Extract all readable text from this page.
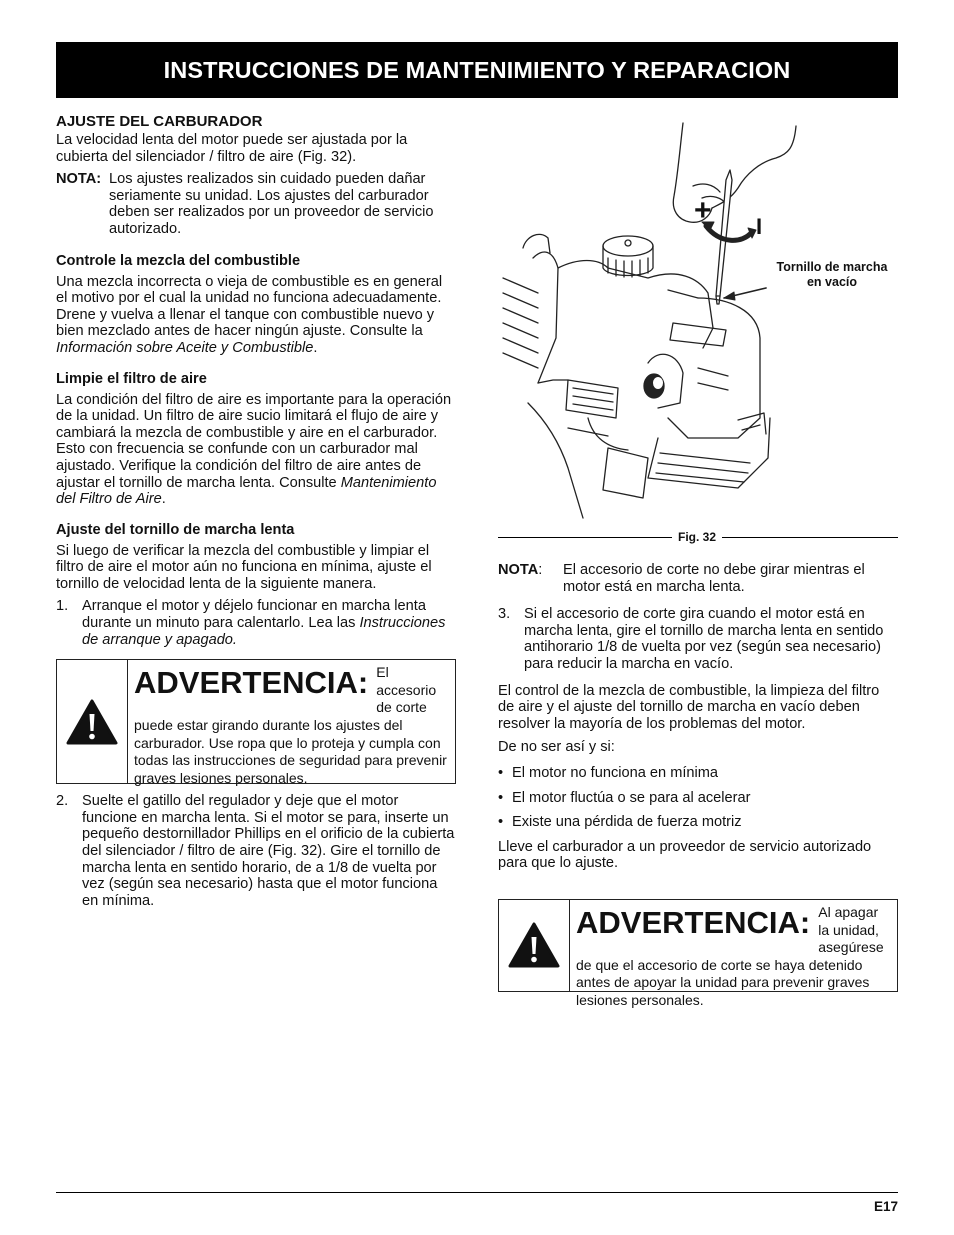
INSTRUCCIONES DE MANTENIMIENTO Y REPARACION
AJUSTE DEL CARBURADOR

La velocidad lenta del motor puede ser ajustada por la cubierta del silenciador / filtro de aire (Fig. 32).

NOTA: Los ajustes realizados sin cuidado pueden dañar seriamente su unidad. Los ajustes del carburador deben ser realizados por un proveedor de servicio autorizado.
Controle la mezcla del combustible

Una mezcla incorrecta o vieja de combustible es en general el motivo por el cual la unidad no funciona adecuadamente. Drene y vuelva a llenar el tanque con combustible nuevo y bien mezclado antes de hacer ningún ajuste. Consulte la Información sobre Aceite y Combustible.

Limpie el filtro de aire

La condición del filtro de aire es importante para la operación de la unidad. Un filtro de aire sucio limitará el flujo de aire y cambiará la mezcla de combustible y aire en el carburador. Esto con frecuencia se confunde con un carburador mal ajustado. Verifique la condición del filtro de aire antes de ajustar el tornillo de marcha lenta. Consulte Mantenimiento del Filtro de Aire.

Ajuste del tornillo de marcha lenta

Si luego de verificar la mezcla del combustible y limpiar el filtro de aire el motor aún no funciona en mínima, ajuste el tornillo de velocidad lenta de la siguiente manera.

1. Arranque el motor y déjelo funcionar en marcha lenta durante un minuto para calentarlo. Lea las Instrucciones de arranque y apagado.
ADVERTENCIA: El accesorio de corte puede estar girando durante los ajustes del carburador. Use ropa que lo proteja y cumpla con todas las instrucciones de seguridad para prevenir graves lesiones personales.
2. Suelte el gatillo del regulador y deje que el motor funcione en marcha lenta. Si el motor se para, inserte un pequeño destornillador Phillips en el orificio de la cubierta del silenciador / filtro de aire (Fig. 32). Gire el tornillo de marcha lenta en sentido horario, de a 1/8 de vuelta por vez (según sea necesario) hasta que el motor funciona en mínima.
+ I
Tornillo de marcha en vacío
Fig. 32
NOTA:	El accesorio de corte no debe girar mientras el motor está en marcha lenta.
3. Si el accesorio de corte gira cuando el motor está en marcha lenta, gire el tornillo de marcha lenta en sentido antihorario 1/8 de vuelta por vez (según sea necesario) para reducir la marcha en vacío.

El control de la mezcla de combustible, la limpieza del filtro de aire y el ajuste del tornillo de marcha en vacío deben resolver la mayoría de los problemas del motor.

De no ser así y si:

• El motor no funciona en mínima
• El motor fluctúa o se para al acelerar
• Existe una pérdida de fuerza motriz

Lleve el carburador a un proveedor de servicio autorizado para que lo ajuste.

ADVERTENCIA: Al apagar la unidad, asegúrese de que el accesorio de corte se haya detenido antes de apoyar la unidad para prevenir graves lesiones personales.
E17
